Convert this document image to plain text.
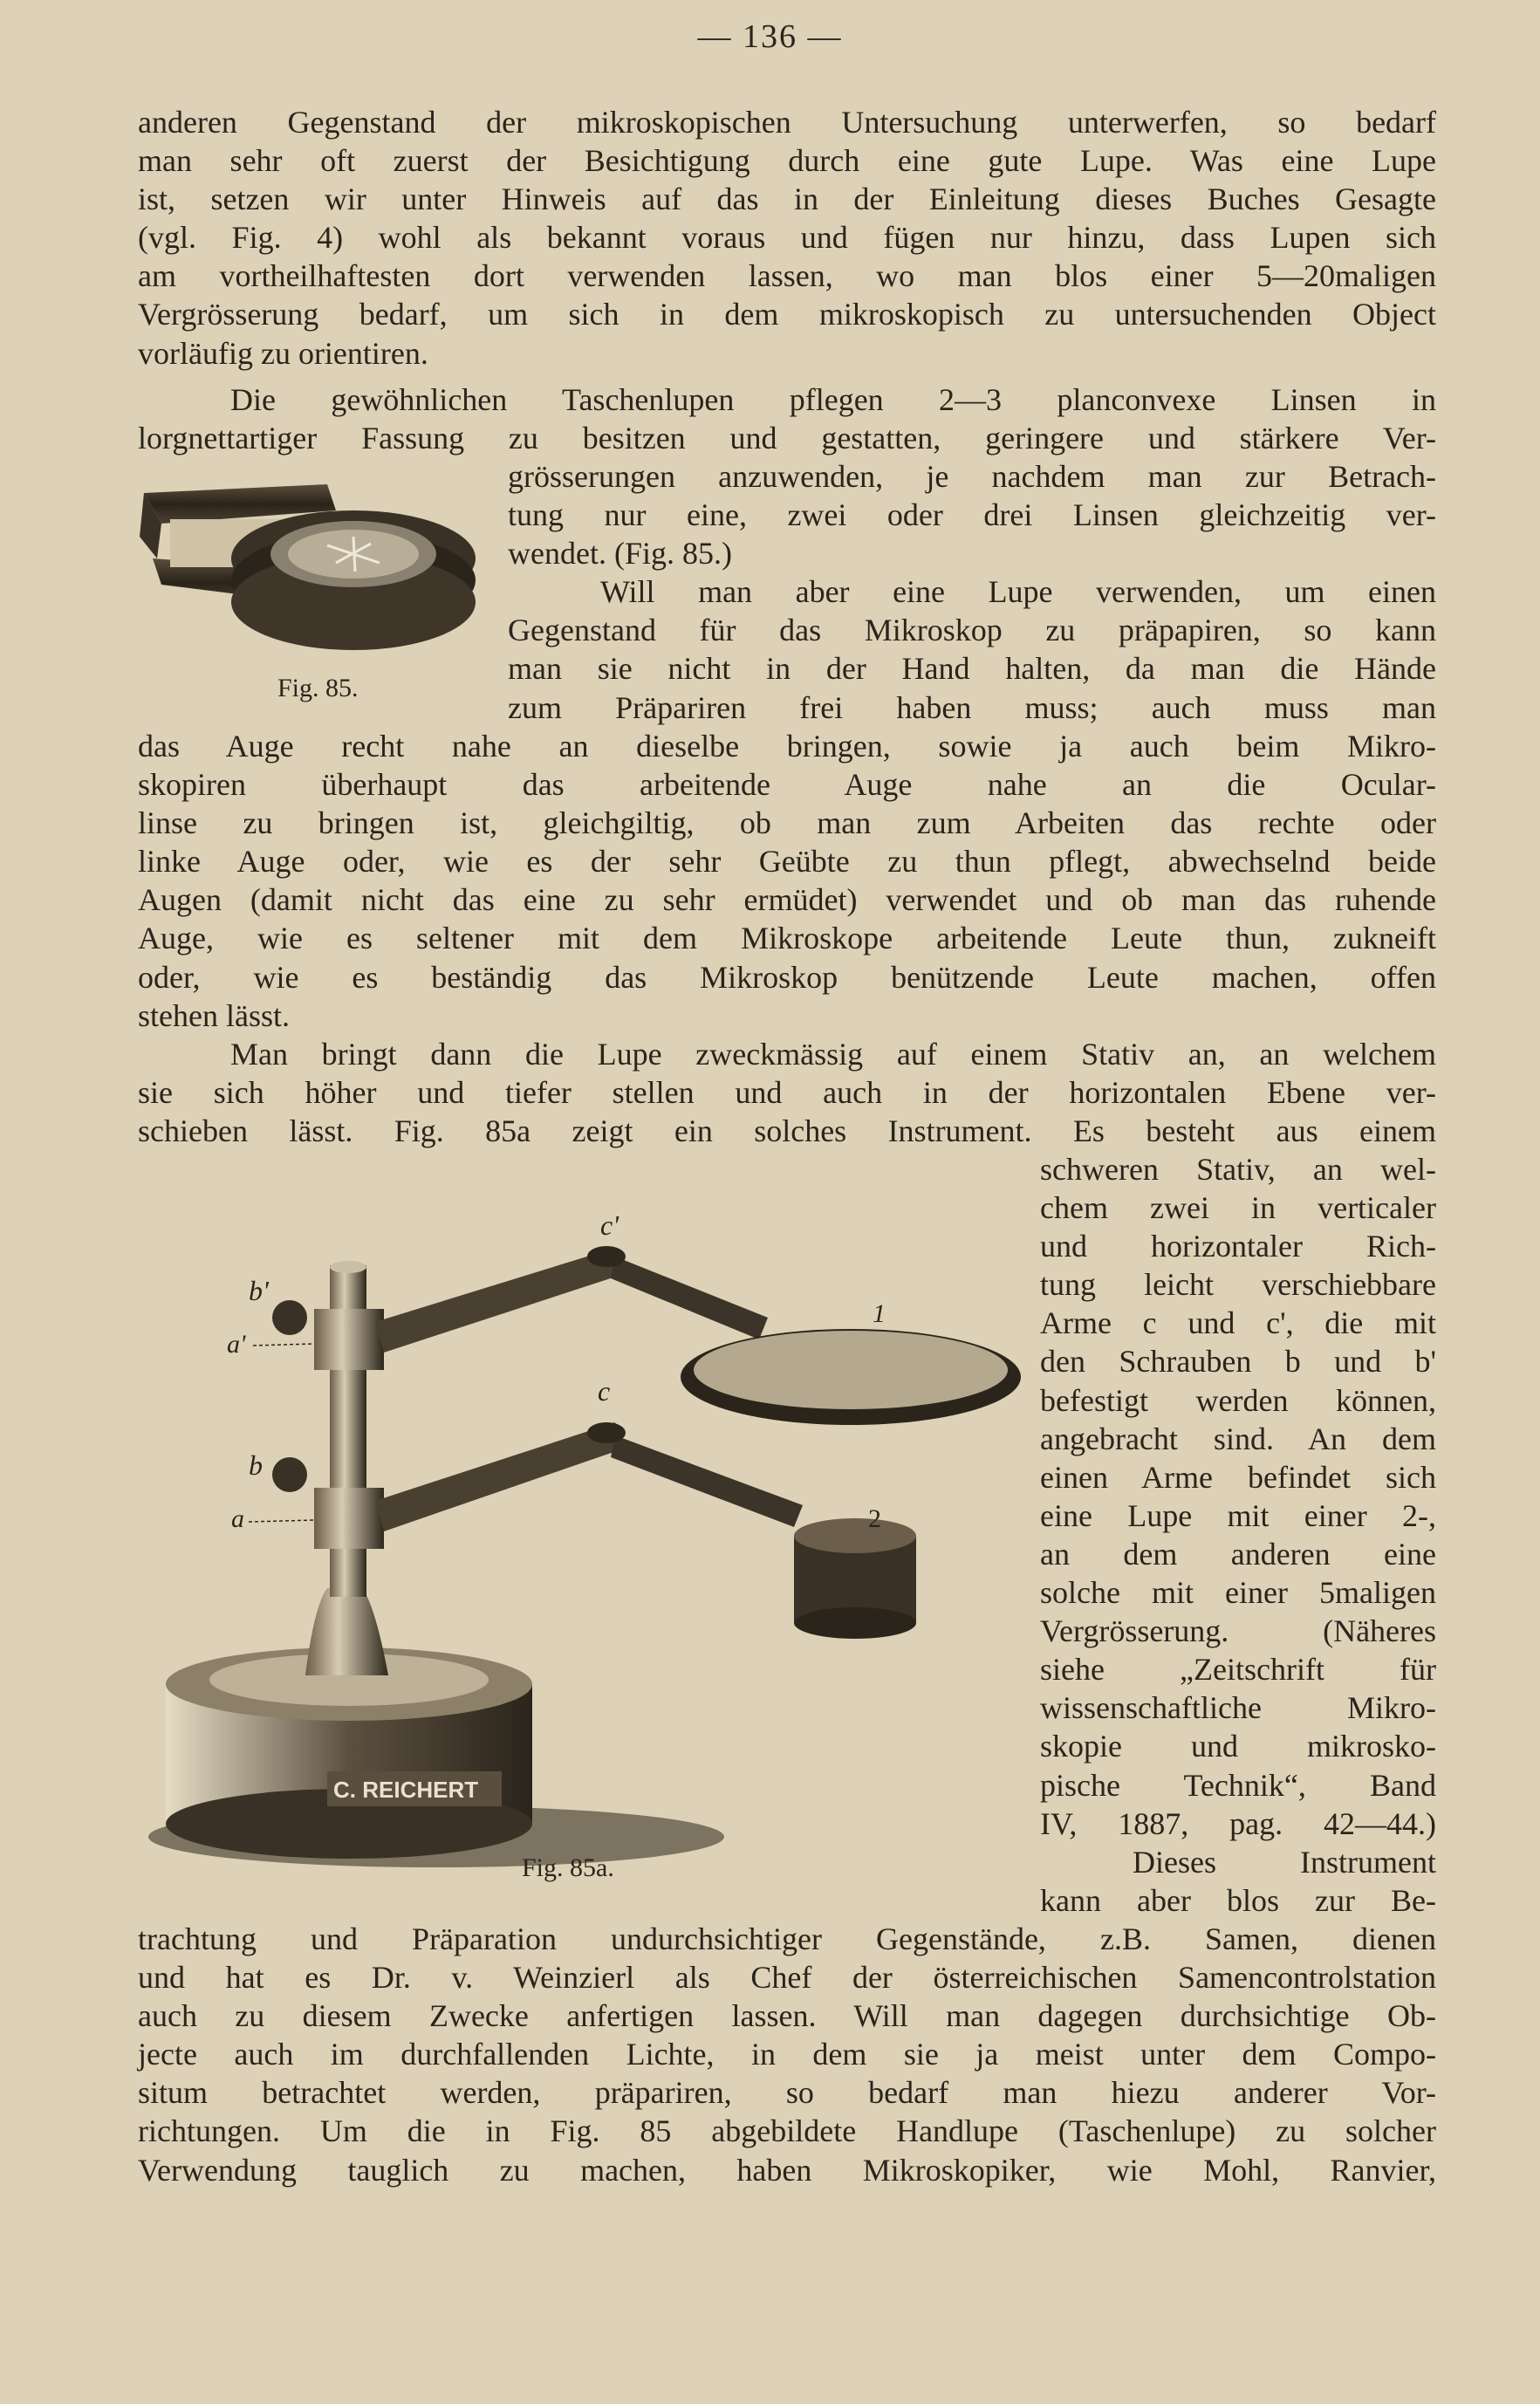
— 136 —
anderen Gegenstand der mikroskopischen Untersuchung unterwerfen, so bedarf
man sehr oft zuerst der Besichtigung durch eine gute Lupe. Was eine Lupe
ist, setzen wir unter Hinweis auf das in der Einleitung dieses Buches Gesagte
(vgl. Fig. 4) wohl als bekannt voraus und fügen nur hinzu, dass Lupen sich
am vortheilhaftesten dort verwenden lassen, wo man blos einer 5—20maligen
Vergrösserung bedarf, um sich in dem mikroskopisch zu untersuchenden Object
vorläufig zu orientiren.
Die gewöhnlichen Taschenlupen pflegen 2—3 planconvexe Linsen in
lorgnettartiger Fassung zu besitzen und gestatten, geringere und stärkere Ver-
Fig. 85.
grösserungen anzuwenden, je nachdem man zur Betrach-
tung nur eine, zwei oder drei Linsen gleichzeitig ver-
wendet. (Fig. 85.)
Will man aber eine Lupe verwenden, um einen
Gegenstand für das Mikroskop zu präpapiren, so kann
man sie nicht in der Hand halten, da man die Hände
zum Präpariren frei haben muss; auch muss man
das Auge recht nahe an dieselbe bringen, sowie ja auch beim Mikro-
skopiren überhaupt das arbeitende Auge nahe an die Ocular-
linse zu bringen ist, gleichgiltig, ob man zum Arbeiten das rechte oder
linke Auge oder, wie es der sehr Geübte zu thun pflegt, abwechselnd beide
Augen (damit nicht das eine zu sehr ermüdet) verwendet und ob man das ruhende
Auge, wie es seltener mit dem Mikroskope arbeitende Leute thun, zukneift
oder, wie es beständig das Mikroskop benützende Leute machen, offen
stehen lässt.
Man bringt dann die Lupe zweckmässig auf einem Stativ an, an welchem
sie sich höher und tiefer stellen und auch in der horizontalen Ebene ver-
schieben lässt. Fig. 85a zeigt ein solches Instrument. Es besteht aus einem
C. REICHERT
c'
b'
a'
c
b
a
1
2
Fig. 85a.
schweren Stativ, an wel-
chem zwei in verticaler
und horizontaler Rich-
tung leicht verschiebbare
Arme c und c', die mit
den Schrauben b und b'
befestigt werden können,
angebracht sind. An dem
einen Arme befindet sich
eine Lupe mit einer 2-,
an dem anderen eine
solche mit einer 5maligen
Vergrösserung. (Näheres
siehe „Zeitschrift für
wissenschaftliche Mikro-
skopie und mikrosko-
pische Technik“, Band
IV, 1887, pag. 42—44.)
Dieses Instrument
kann aber blos zur Be-
trachtung und Präparation undurchsichtiger Gegenstände, z.B. Samen, dienen
und hat es Dr. v. Weinzierl als Chef der österreichischen Samencontrolstation
auch zu diesem Zwecke anfertigen lassen. Will man dagegen durchsichtige Ob-
jecte auch im durchfallenden Lichte, in dem sie ja meist unter dem Compo-
situm betrachtet werden, präpariren, so bedarf man hiezu anderer Vor-
richtungen. Um die in Fig. 85 abgebildete Handlupe (Taschenlupe) zu solcher
Verwendung tauglich zu machen, haben Mikroskopiker, wie Mohl, Ranvier,
